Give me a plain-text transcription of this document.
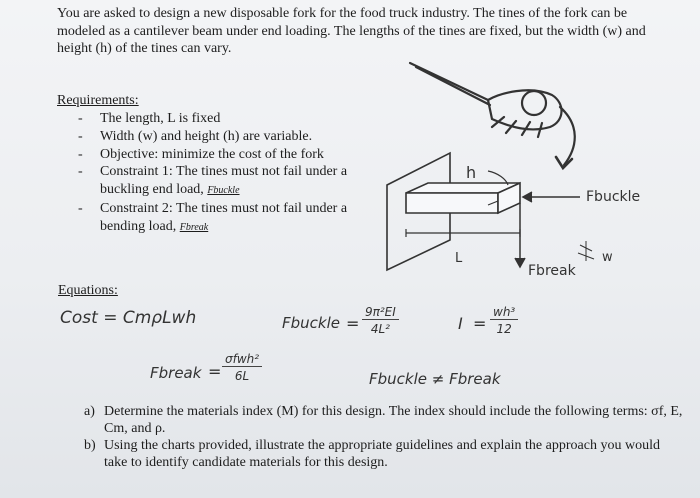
You are asked to design a new disposable fork for the food truck industry. The tines of the fork can be modeled as a cantilever beam under end loading. The lengths of the tines are fixed, but the width (w) and height (h) of the tines can vary.
Requirements:
- The length, L is fixed
- Width (w) and height (h) are variable.
- Objective: minimize the cost of the fork
- Constraint 1: The tines must not fail under a buckling end load, Fbuckle
- Constraint 2: The tines must not fail under a bending load, Fbreak
Equations:
Cost = CmρLwh	Fbuckle = $\frac{\text{9π²EI}}{\text{4L²}}$	$I = \frac{\text{wh³}}{12}$
Fbreak =
σfwh²
6L	Fbuckle ≠ Fbreak
a) Determine the materials index (M) for this design. The index should include the following terms: σf, E, Cm, and ρ.
b) Using the charts provided, illustrate the appropriate guidelines and explain the approach you would take to identify candidate materials for this design.
h
L
Fbuckle
Fbreak
w
